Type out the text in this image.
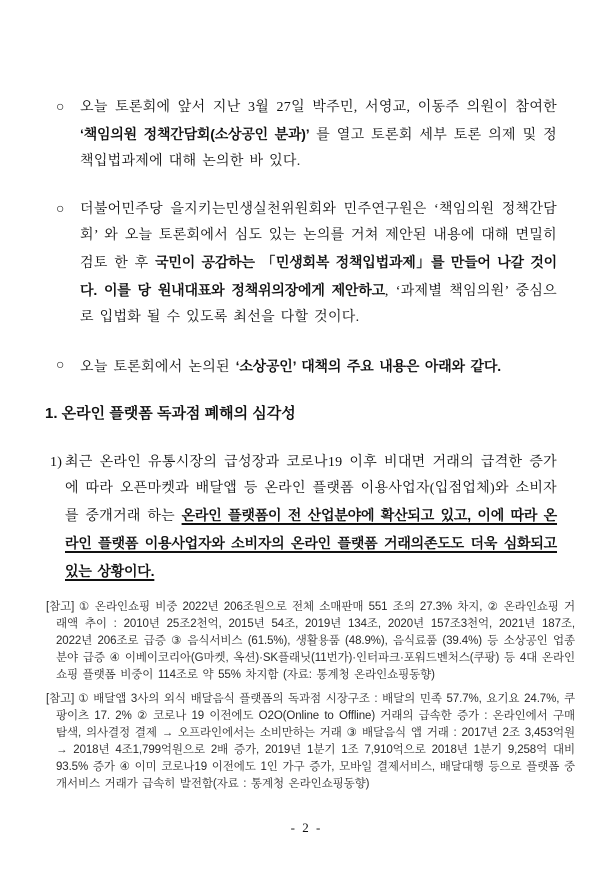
○ 오늘 토론회에 앞서 지난 3월 27일 박주민, 서영교, 이동주 의원이 참여한 ‘책임의원 정책간담회(소상공인 분과)’ 를 열고 토론회 세부 토론 의제 및 정책입법과제에 대해 논의한 바 있다.

○ 더불어민주당 을지키는민생실천위원회와 민주연구원은 ‘책임의원 정책간담회’ 와 오늘 토론회에서 심도 있는 논의를 거쳐 제안된 내용에 대해 면밀히 검토 한 후 국민이 공감하는 「민생회복 정책입법과제」를 만들어 나갈 것이다. 이를 당 원내대표와 정책위의장에게 제안하고, ‘과제별 책임의원’ 중심으로 입법화 될 수 있도록 최선을 다할 것이다.

○ 오늘 토론회에서 논의된 ‘소상공인’ 대책의 주요 내용은 아래와 같다.

1. 온라인 플랫폼 독과점 폐해의 심각성

1) 최근 온라인 유통시장의 급성장과 코로나19 이후 비대면 거래의 급격한 증가에 따라 오픈마켓과 배달앱 등 온라인 플랫폼 이용사업자(입점업체)와 소비자를 중개거래 하는 온라인 플랫폼이 전 산업분야에 확산되고 있고, 이에 따라 온라인 플랫폼 이용사업자와 소비자의 온라인 플랫폼 거래의존도도 더욱 심화되고 있는 상황이다.

[참고] ① 온라인쇼핑 비중 2022년 206조원으로 전체 소매판매 551 조의 27.3% 차지, ② 온라인쇼핑 거래액 추이 : 2010년 25조2천억, 2015년 54조, 2019년 134조, 2020년 157조3천억, 2021년 187조, 2022년 206조로 급증 ③ 음식서비스 (61.5%), 생활용품 (48.9%), 음식료품 (39.4%) 등 소상공인 업종분야 급증 ④ 이베이코리아(G마켓, 옥션)·SK플래닛(11번가)·인터파크·포워드벤처스(쿠팡) 등 4대 온라인쇼핑 플랫폼 비중이 114조로 약 55% 차지함 (자료: 통계청 온라인쇼핑동향)

[참고] ① 배달앱 3사의 외식 배달음식 플랫폼의 독과점 시장구조 : 배달의 민족 57.7%, 요기요 24.7%, 쿠팡이츠 17. 2% ② 코로나 19 이전에도 O2O(Online to Offline) 거래의 급속한 증가 : 온라인에서 구매 탐색, 의사결정 결제 → 오프라인에서는 소비만하는 거래 ③ 배달음식 앱 거래 : 2017년 2조 3,453억원 → 2018년 4조1,799억원으로 2배 증가, 2019년 1분기 1조 7,910억으로 2018년 1분기 9,258억 대비 93.5% 증가 ④ 이미 코로나19 이전에도 1인 가구 증가, 모바일 결제서비스, 배달대행 등으로 플랫폼 중개서비스 거래가 급속히 발전함(자료 : 통계청 온라인쇼핑동향)

- 2 -
